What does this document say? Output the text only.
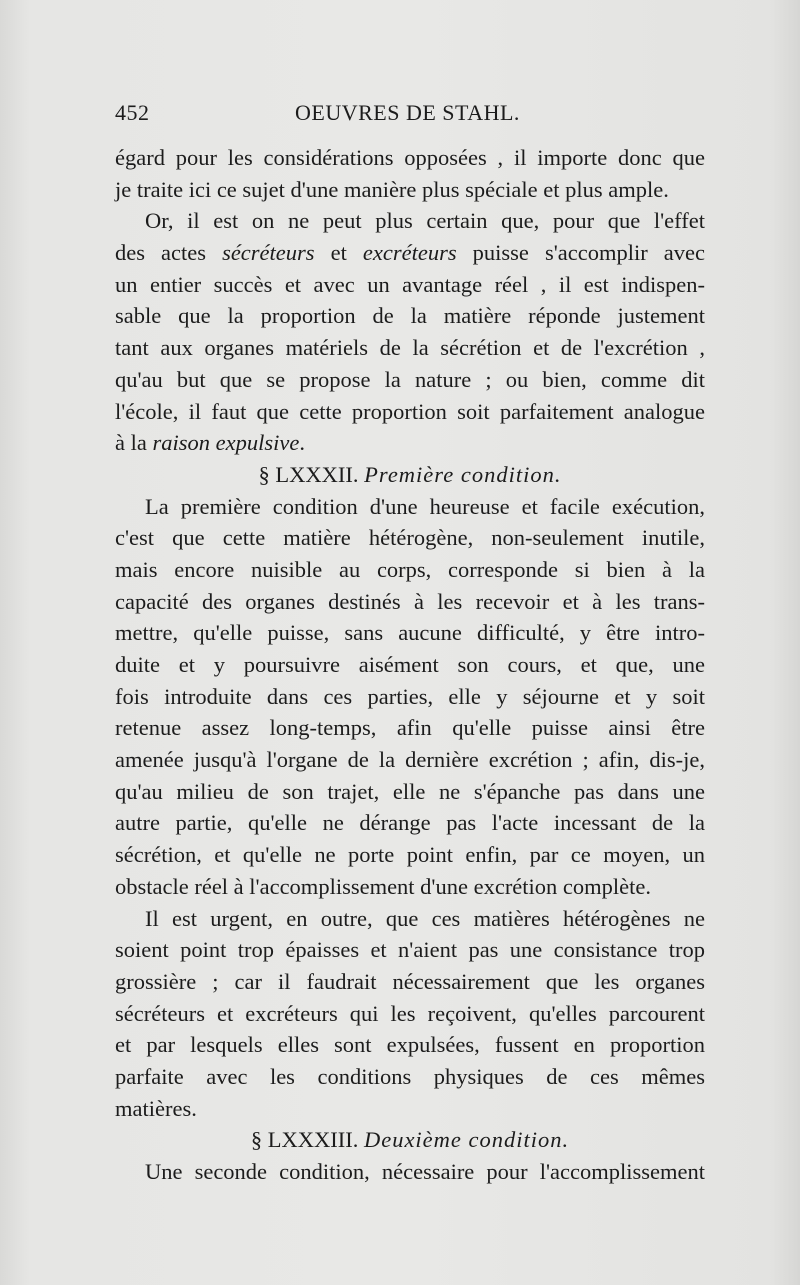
452	OEUVRES DE STAHL.
égard pour les considérations opposées , il importe donc que
je traite ici ce sujet d'une manière plus spéciale et plus ample.
Or, il est on ne peut plus certain que, pour que l'effet
des actes sécréteurs et excréteurs puisse s'accomplir avec
un entier succès et avec un avantage réel , il est indispen-
sable que la proportion de la matière réponde justement
tant aux organes matériels de la sécrétion et de l'excrétion ,
qu'au but que se propose la nature ; ou bien, comme dit
l'école, il faut que cette proportion soit parfaitement analogue
à la raison expulsive.
§ LXXXII. Première condition.
La première condition d'une heureuse et facile exécution,
c'est que cette matière hétérogène, non-seulement inutile,
mais encore nuisible au corps, corresponde si bien à la
capacité des organes destinés à les recevoir et à les trans-
mettre, qu'elle puisse, sans aucune difficulté, y être intro-
duite et y poursuivre aisément son cours, et que, une
fois introduite dans ces parties, elle y séjourne et y soit
retenue assez long-temps, afin qu'elle puisse ainsi être
amenée jusqu'à l'organe de la dernière excrétion ; afin, dis-je,
qu'au milieu de son trajet, elle ne s'épanche pas dans une
autre partie, qu'elle ne dérange pas l'acte incessant de la
sécrétion, et qu'elle ne porte point enfin, par ce moyen, un
obstacle réel à l'accomplissement d'une excrétion complète.
Il est urgent, en outre, que ces matières hétérogènes ne
soient point trop épaisses et n'aient pas une consistance trop
grossière ; car il faudrait nécessairement que les organes
sécréteurs et excréteurs qui les reçoivent, qu'elles parcourent
et par lesquels elles sont expulsées, fussent en proportion
parfaite avec les conditions physiques de ces mêmes
matières.
§ LXXXIII. Deuxième condition.
Une seconde condition, nécessaire pour l'accomplissement
